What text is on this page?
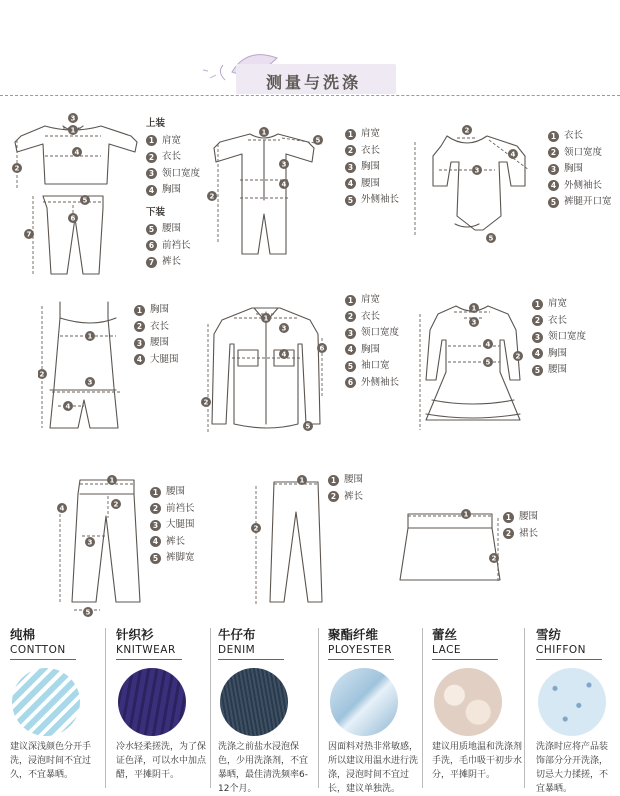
测量与洗涤
3
1
2
4
5
6
7
上装
1 肩宽
2 衣长
3 领口宽度
4 胸围
下装
5 腰围
6 前裆长
7 裤长
1
5
3
4
2
1 肩宽
2 衣长
3 胸围
4 腰围
5 外侧袖长
2
3
4
5
1 衣长
2 领口宽度
3 胸围
4 外侧袖长
5 裤腿开口宽
1
3
4
2
1 胸围
2 衣长
3 腰围
4 大腿围
1
3
4
6
2
5
1 肩宽
2 衣长
3 领口宽度
4 胸围
5 袖口宽
6 外侧袖长
1
3
4
5
2
1 肩宽
2 衣长
3 领口宽度
4 胸围
5 腰围
1
2
3
4
5
1 腰围
2 前裆长
3 大腿围
4 裤长
5 裤脚宽
1
2
1 腰围
2 裤长
1
2
1 腰围
2 裙长
纯棉
CONTTON
建议深浅颜色分开手洗，浸泡时间不宜过久，不宜暴晒。
针织衫
KNITWEAR
冷水轻柔搓洗，为了保证色泽，可以水中加点醋，平摊阴干。
牛仔布
DENIM
洗涤之前盐水浸泡保色，少用洗涤剂，不宜暴晒，最佳清洗频率6-12个月。
聚酯纤维
PLOYESTER
因面料对热非常敏感，所以建议用温水进行洗涤，浸泡时间不宜过长，建议单独洗。
蕾丝
LACE
建议用质地温和洗涤剂手洗，毛巾吸干初步水分，平摊阴干。
雪纺
CHIFFON
洗涤时应将产品装饰部分分开洗涤，切忌大力揉搓，不宜暴晒。
